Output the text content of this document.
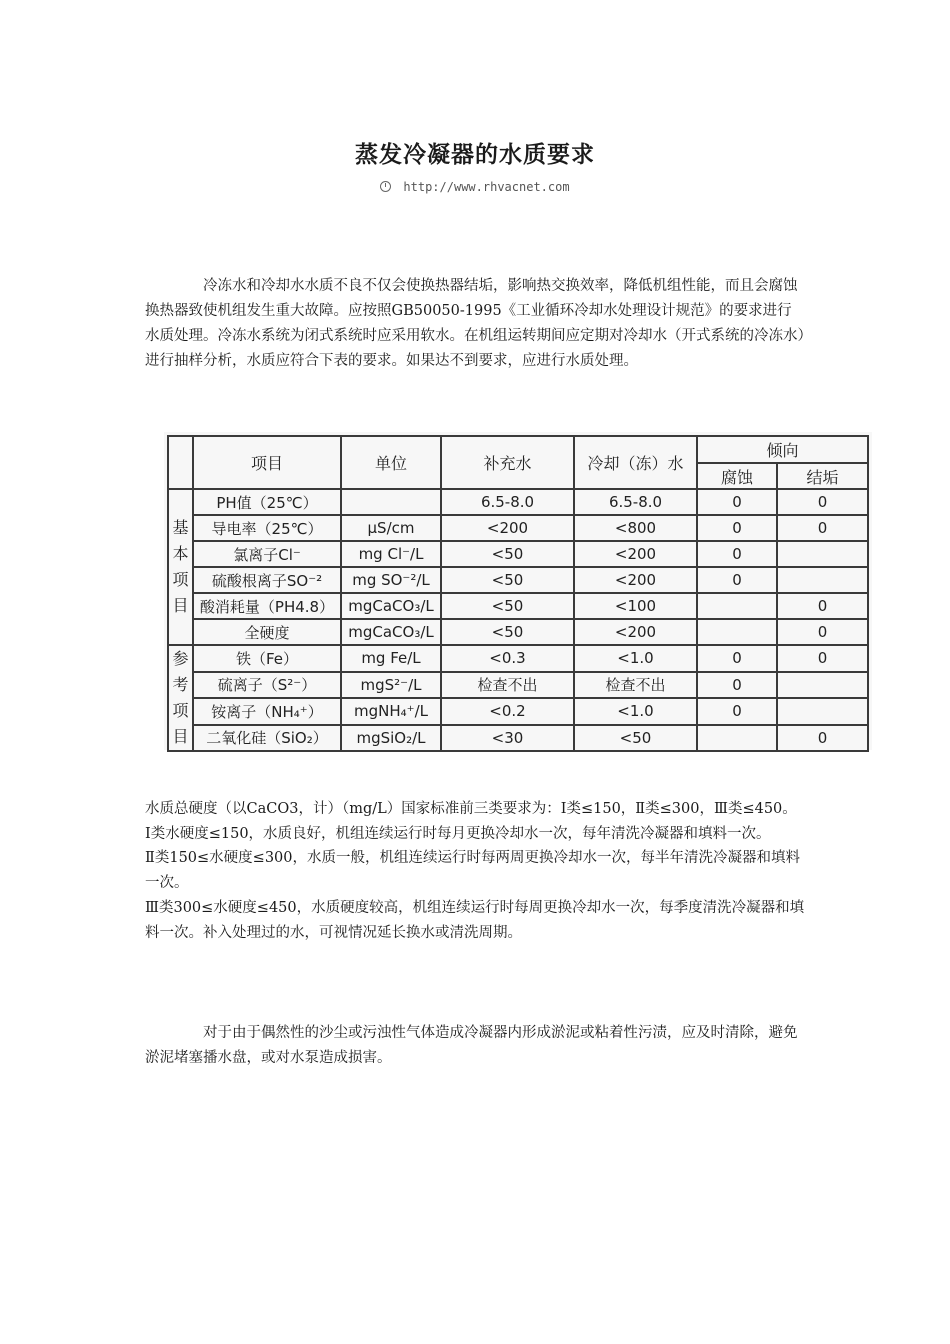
蒸发冷凝器的水质要求
http://www.rhvacnet.com
冷冻水和冷却水水质不良不仅会使换热器结垢，影响热交换效率，降低机组性能，而且会腐蚀换热器致使机组发生重大故障。应按照GB50050-1995《工业循环冷却水处理设计规范》的要求进行水质处理。冷冻水系统为闭式系统时应采用软水。在机组运转期间应定期对冷却水（开式系统的冷冻水）进行抽样分析，水质应符合下表的要求。如果达不到要求，应进行水质处理。
	项目	单位	补充水	冷却（冻）水	倾向	
					腐蚀	结垢
基
本
项
目	PH值（25℃）		6.5-8.0	6.5-8.0	0	0
	导电率（25℃）	μS/cm	<200	<800	0	0
	氯离子Cl⁻	mg Cl⁻/L	<50	<200	0	
	硫酸根离子SO⁻²	mg SO⁻²/L	<50	<200	0	
	酸消耗量（PH4.8）	mgCaCO₃/L	<50	<100		0
	全硬度	mgCaCO₃/L	<50	<200		0
参
考
项
目	铁（Fe）	mg Fe/L	<0.3	<1.0	0	0
	硫离子（S²⁻）	mgS²⁻/L	检查不出	检查不出	0	
	铵离子（NH₄⁺）	mgNH₄⁺/L	<0.2	<1.0	0	
	二氧化硅（SiO₂）	mgSiO₂/L	<30	<50		0
水质总硬度（以CaCO3，计）（mg/L）国家标准前三类要求为：Ⅰ类≤150，Ⅱ类≤300，Ⅲ类≤450。
Ⅰ类水硬度≤150，水质良好，机组连续运行时每月更换冷却水一次，每年清洗冷凝器和填料一次。
Ⅱ类150≤水硬度≤300，水质一般，机组连续运行时每两周更换冷却水一次，每半年清洗冷凝器和填料一次。
Ⅲ类300≤水硬度≤450，水质硬度较高，机组连续运行时每周更换冷却水一次，每季度清洗冷凝器和填料一次。补入处理过的水，可视情况延长换水或清洗周期。
对于由于偶然性的沙尘或污浊性气体造成冷凝器内形成淤泥或粘着性污渍，应及时清除，避免淤泥堵塞播水盘，或对水泵造成损害。
